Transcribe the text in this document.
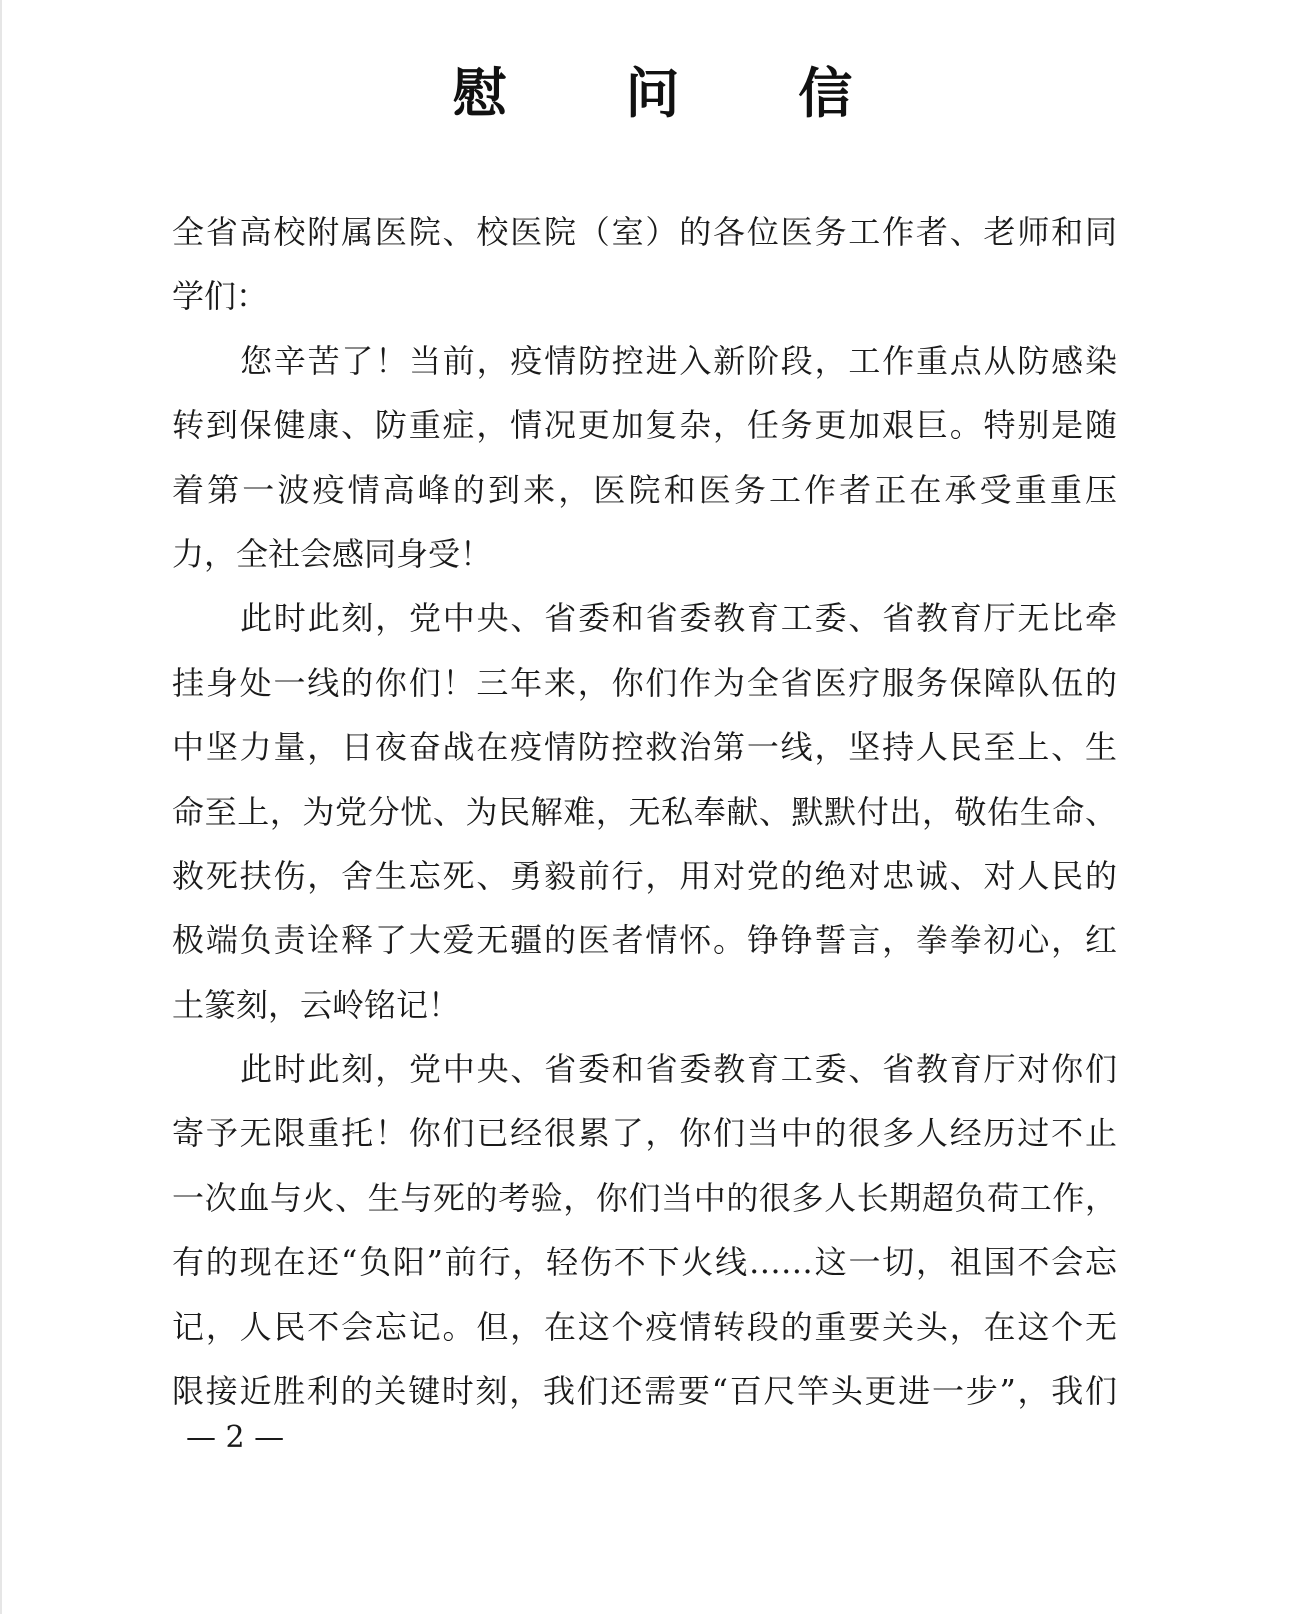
慰 问 信
全省高校附属医院、校医院（室）的各位医务工作者、老师和同
学们：
您辛苦了！当前，疫情防控进入新阶段，工作重点从防感染
转到保健康、防重症，情况更加复杂，任务更加艰巨。特别是随
着第一波疫情高峰的到来，医院和医务工作者正在承受重重压
力，全社会感同身受！
此时此刻，党中央、省委和省委教育工委、省教育厅无比牵
挂身处一线的你们！三年来，你们作为全省医疗服务保障队伍的
中坚力量，日夜奋战在疫情防控救治第一线，坚持人民至上、生
命至上，为党分忧、为民解难，无私奉献、默默付出，敬佑生命、
救死扶伤，舍生忘死、勇毅前行，用对党的绝对忠诚、对人民的
极端负责诠释了大爱无疆的医者情怀。铮铮誓言，拳拳初心，红
土篆刻，云岭铭记！
此时此刻，党中央、省委和省委教育工委、省教育厅对你们
寄予无限重托！你们已经很累了，你们当中的很多人经历过不止
一次血与火、生与死的考验，你们当中的很多人长期超负荷工作，
有的现在还“负阳”前行，轻伤不下火线……这一切，祖国不会忘
记，人民不会忘记。但，在这个疫情转段的重要关头，在这个无
限接近胜利的关键时刻，我们还需要“百尺竿头更进一步”，我们
— 2 —
